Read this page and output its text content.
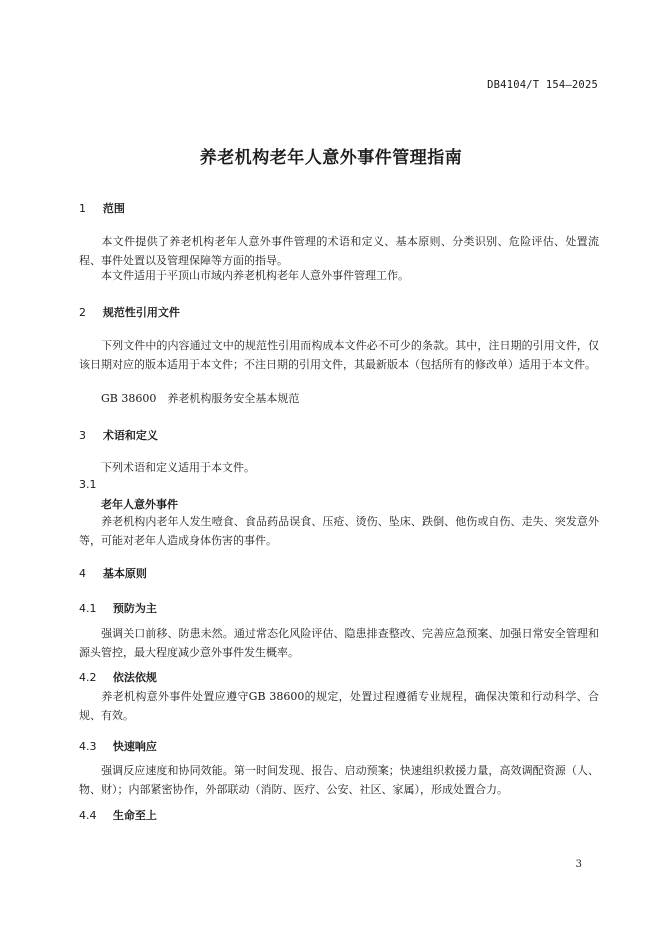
DB4104/T 154—2025
养老机构老年人意外事件管理指南
1 范围
本文件提供了养老机构老年人意外事件管理的术语和定义、基本原则、分类识别、危险评估、处置流程、事件处置以及管理保障等方面的指导。
本文件适用于平顶山市域内养老机构老年人意外事件管理工作。
2 规范性引用文件
下列文件中的内容通过文中的规范性引用而构成本文件必不可少的条款。其中，注日期的引用文件，仅该日期对应的版本适用于本文件；不注日期的引用文件，其最新版本（包括所有的修改单）适用于本文件。
GB 38600　养老机构服务安全基本规范
3 术语和定义
下列术语和定义适用于本文件。
3.1
老年人意外事件
养老机构内老年人发生噎食、食品药品误食、压疮、烫伤、坠床、跌倒、他伤或自伤、走失、突发意外等，可能对老年人造成身体伤害的事件。
4 基本原则
4.1 预防为主
强调关口前移、防患未然。通过常态化风险评估、隐患排查整改、完善应急预案、加强日常安全管理和源头管控，最大程度减少意外事件发生概率。
4.2 依法依规
养老机构意外事件处置应遵守GB 38600的规定，处置过程遵循专业规程，确保决策和行动科学、合规、有效。
4.3 快速响应
强调反应速度和协同效能。第一时间发现、报告、启动预案；快速组织救援力量，高效调配资源（人、物、财）；内部紧密协作，外部联动（消防、医疗、公安、社区、家属），形成处置合力。
4.4 生命至上
3
